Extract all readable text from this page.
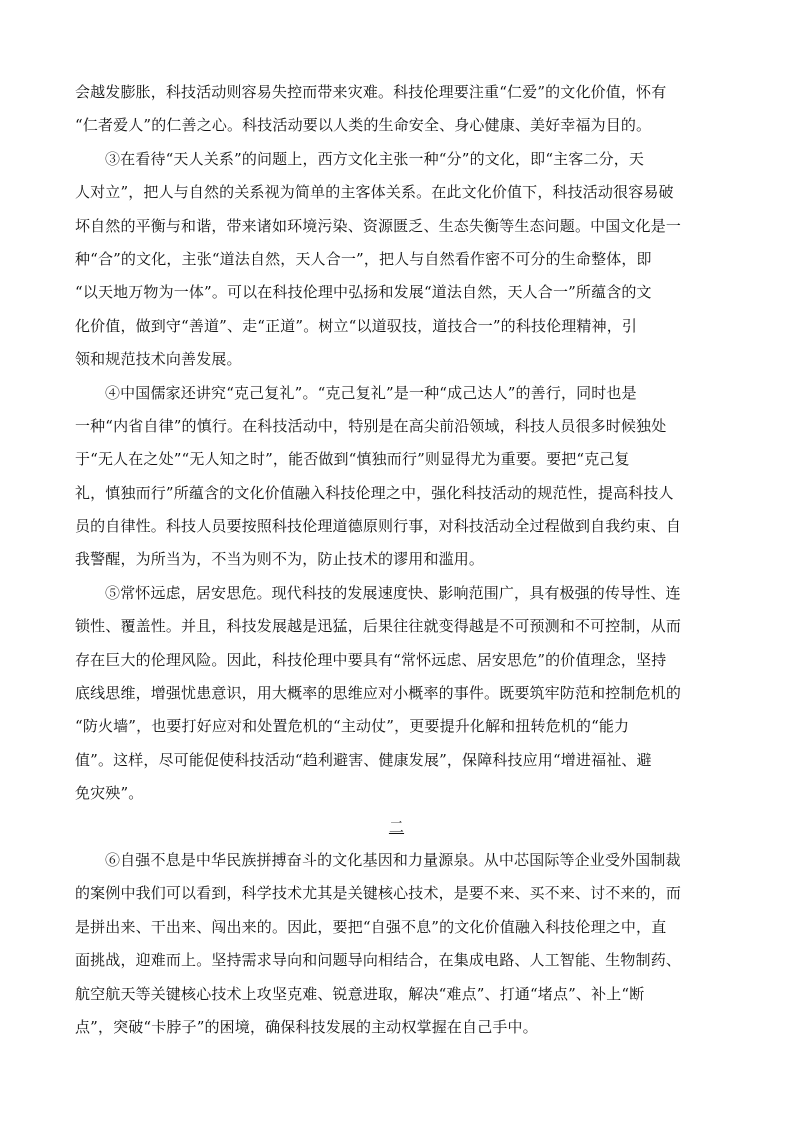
会越发膨胀，科技活动则容易失控而带来灾难。科技伦理要注重“仁爱”的文化价值，怀有
“仁者爱人”的仁善之心。科技活动要以人类的生命安全、身心健康、美好幸福为目的。
③在看待“天人关系”的问题上，西方文化主张一种“分”的文化，即“主客二分，天
人对立”，把人与自然的关系视为简单的主客体关系。在此文化价值下，科技活动很容易破
坏自然的平衡与和谐，带来诸如环境污染、资源匮乏、生态失衡等生态问题。中国文化是一
种“合”的文化，主张“道法自然，天人合一”，把人与自然看作密不可分的生命整体，即
“以天地万物为一体”。可以在科技伦理中弘扬和发展“道法自然，天人合一”所蕴含的文
化价值，做到守“善道”、走“正道”。树立“以道驭技，道技合一”的科技伦理精神，引
领和规范技术向善发展。
④中国儒家还讲究“克己复礼”。“克己复礼”是一种“成己达人”的善行，同时也是
一种“内省自律”的慎行。在科技活动中，特别是在高尖前沿领域，科技人员很多时候独处
于“无人在之处”“无人知之时”，能否做到“慎独而行”则显得尤为重要。要把“克己复
礼，慎独而行”所蕴含的文化价值融入科技伦理之中，强化科技活动的规范性，提高科技人
员的自律性。科技人员要按照科技伦理道德原则行事，对科技活动全过程做到自我约束、自
我警醒，为所当为，不当为则不为，防止技术的谬用和滥用。
⑤常怀远虑，居安思危。现代科技的发展速度快、影响范围广，具有极强的传导性、连
锁性、覆盖性。并且，科技发展越是迅猛，后果往往就变得越是不可预测和不可控制，从而
存在巨大的伦理风险。因此，科技伦理中要具有“常怀远虑、居安思危”的价值理念，坚持
底线思维，增强忧患意识，用大概率的思维应对小概率的事件。既要筑牢防范和控制危机的
“防火墙”，也要打好应对和处置危机的“主动仗”，更要提升化解和扭转危机的“能力
值”。这样，尽可能促使科技活动“趋利避害、健康发展”，保障科技应用“增进福祉、避
免灾殃”。
二
⑥自强不息是中华民族拼搏奋斗的文化基因和力量源泉。从中芯国际等企业受外国制裁
的案例中我们可以看到，科学技术尤其是关键核心技术，是要不来、买不来、讨不来的，而
是拼出来、干出来、闯出来的。因此，要把“自强不息”的文化价值融入科技伦理之中，直
面挑战，迎难而上。坚持需求导向和问题导向相结合，在集成电路、人工智能、生物制药、
航空航天等关键核心技术上攻坚克难、锐意进取，解决“难点”、打通“堵点”、补上“断
点”，突破“卡脖子”的困境，确保科技发展的主动权掌握在自己手中。
